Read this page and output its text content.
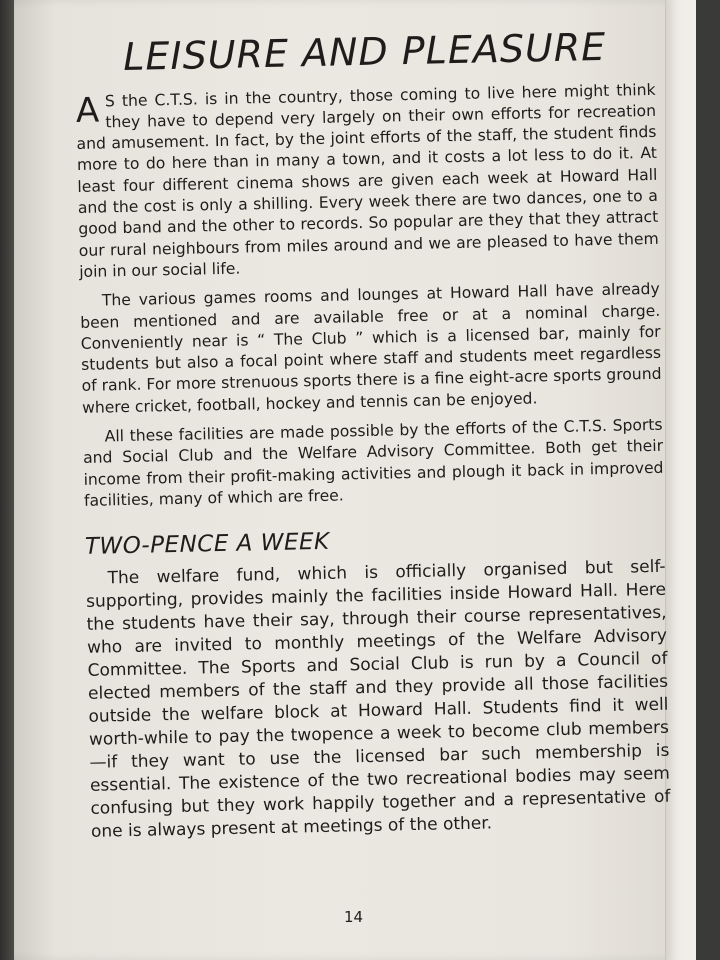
LEISURE AND PLEASURE

A S the C.T.S. is in the country, those coming to live here might think they have to depend very largely on their own efforts for recreation and amusement. In fact, by the joint efforts of the staff, the student finds more to do here than in many a town, and it costs a lot less to do it. At least four different cinema shows are given each week at Howard Hall and the cost is only a shilling. Every week there are two dances, one to a good band and the other to records. So popular are they that they attract our rural neighbours from miles around and we are pleased to have them join in our social life.

The various games rooms and lounges at Howard Hall have already been mentioned and are available free or at a nominal charge. Conveniently near is “ The Club ” which is a licensed bar, mainly for students but also a focal point where staff and students meet regardless of rank. For more strenuous sports there is a fine eight-acre sports ground where cricket, football, hockey and tennis can be enjoyed.

All these facilities are made possible by the efforts of the C.T.S. Sports and Social Club and the Welfare Advisory Committee. Both get their income from their profit-making activities and plough it back in improved facilities, many of which are free.

TWO-PENCE A WEEK

The welfare fund, which is officially organised but self-supporting, provides mainly the facilities inside Howard Hall. Here the students have their say, through their course representatives, who are invited to monthly meetings of the Welfare Advisory Committee. The Sports and Social Club is run by a Council of elected members of the staff and they provide all those facilities outside the welfare block at Howard Hall. Students find it well worth-while to pay the twopence a week to become club members—if they want to use the licensed bar such membership is essential. The existence of the two recreational bodies may seem confusing but they work happily together and a representative of one is always present at meetings of the other.

14
